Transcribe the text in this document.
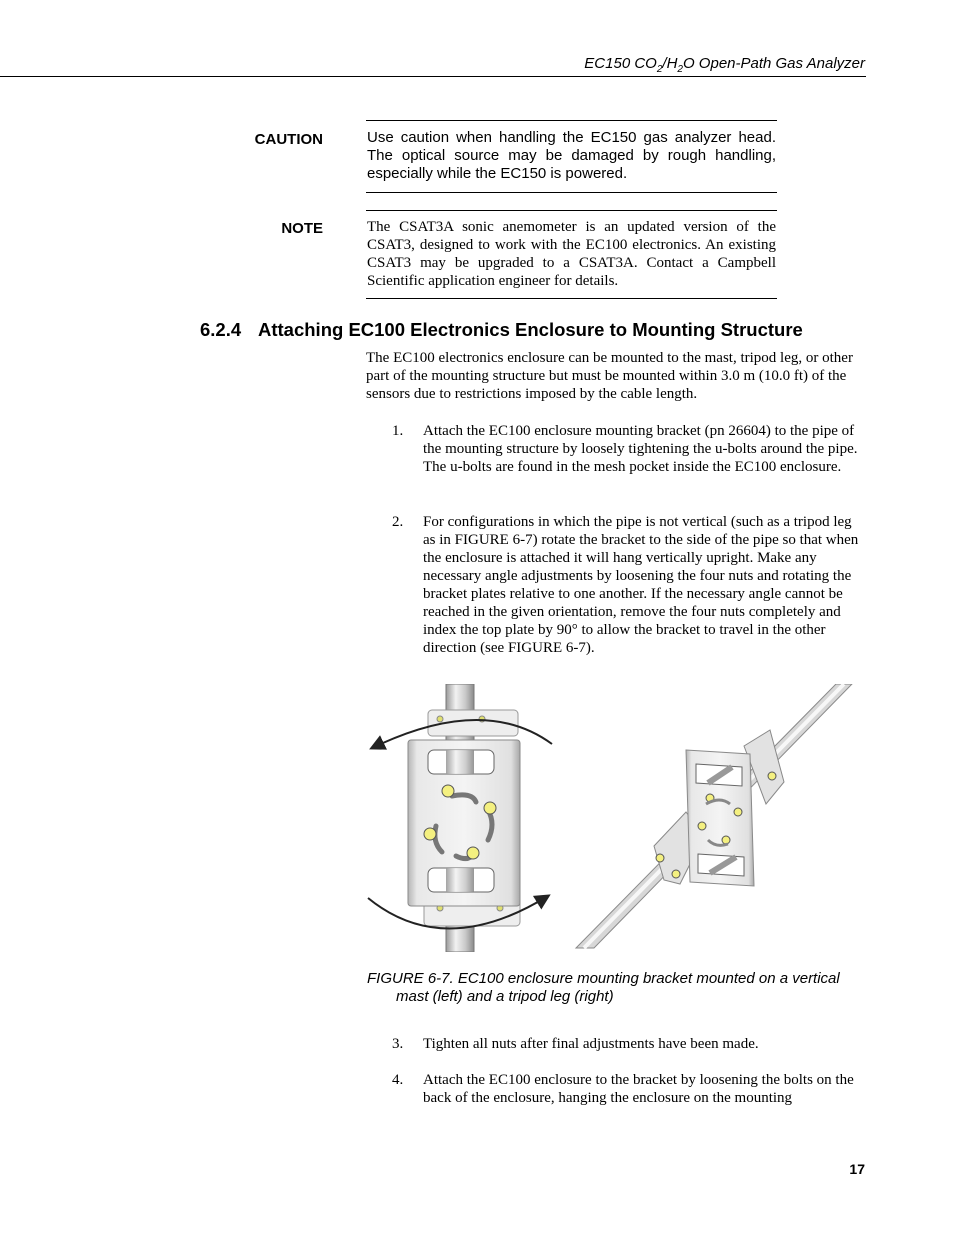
EC150 $CO_2/H_2O$ Open-Path Gas Analyzer
CAUTION	Use caution when handling the EC150 gas analyzer head. The optical source may be damaged by rough handling, especially while the EC150 is powered.
NOTE	The CSAT3A sonic anemometer is an updated version of the CSAT3, designed to work with the EC100 electronics. An existing CSAT3 may be upgraded to a CSAT3A. Contact a Campbell Scientific application engineer for details.
6.2.4 Attaching EC100 Electronics Enclosure to Mounting Structure
The EC100 electronics enclosure can be mounted to the mast, tripod leg, or other part of the mounting structure but must be mounted within 3.0 m (10.0 ft) of the sensors due to restrictions imposed by the cable length.
1.	Attach the EC100 enclosure mounting bracket (pn 26604) to the pipe of the mounting structure by loosely tightening the u-bolts around the pipe. The u-bolts are found in the mesh pocket inside the EC100 enclosure.
2.	For configurations in which the pipe is not vertical (such as a tripod leg as in FIGURE 6-7) rotate the bracket to the side of the pipe so that when the enclosure is attached it will hang vertically upright. Make any necessary angle adjustments by loosening the four nuts and rotating the bracket plates relative to one another. If the necessary angle cannot be reached in the given orientation, remove the four nuts completely and index the top plate by 90° to allow the bracket to travel in the other direction (see FIGURE 6-7).
FIGURE 6-7. EC100 enclosure mounting bracket mounted on a vertical
mast (left) and a tripod leg (right)
3.	Tighten all nuts after final adjustments have been made.
4.	Attach the EC100 enclosure to the bracket by loosening the bolts on the back of the enclosure, hanging the enclosure on the mounting
17
